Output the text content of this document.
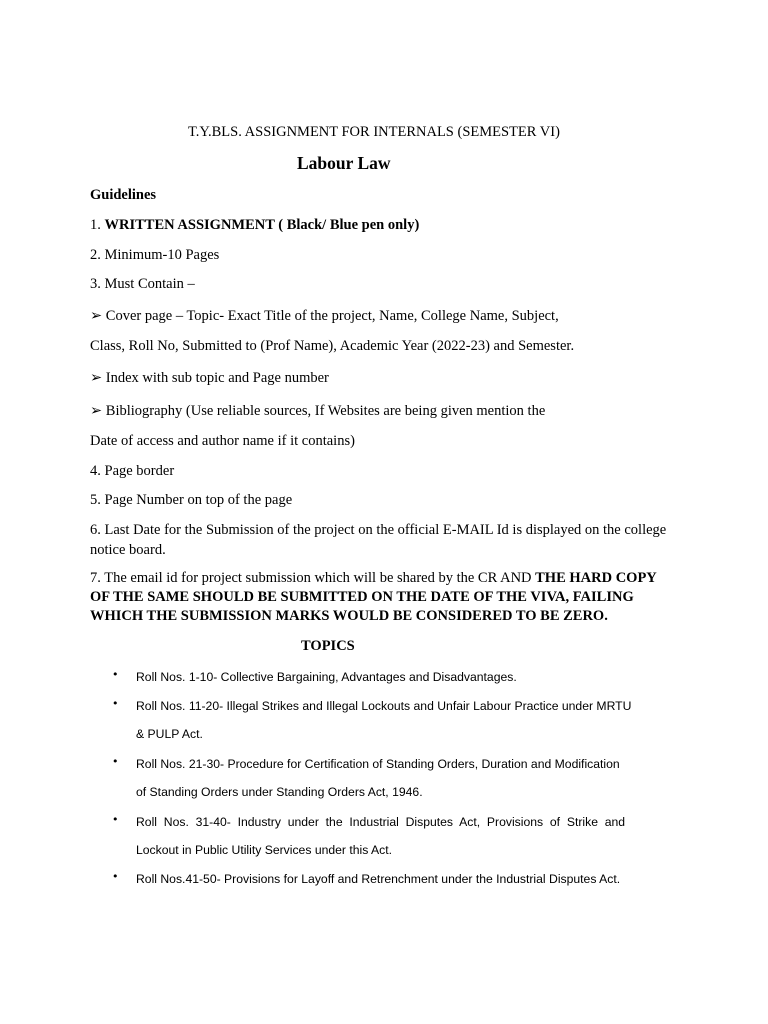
T.Y.BLS. ASSIGNMENT FOR INTERNALS (SEMESTER VI)
Labour Law
Guidelines
1. WRITTEN ASSIGNMENT ( Black/ Blue pen only)
2. Minimum-10 Pages
3. Must Contain –
➢ Cover page – Topic- Exact Title of the project, Name, College Name, Subject,
Class, Roll No, Submitted to (Prof Name), Academic Year (2022-23) and Semester.
➢ Index with sub topic and Page number
➢ Bibliography (Use reliable sources, If Websites are being given mention the
Date of access and author name if it contains)
4. Page border
5. Page Number on top of the page
6. Last Date for the Submission of the project on the official E-MAIL Id is displayed on the college
notice board.
7. The email id for project submission which will be shared by the CR AND THE HARD COPY
OF THE SAME SHOULD BE SUBMITTED ON THE DATE OF THE VIVA, FAILING
WHICH THE SUBMISSION MARKS WOULD BE CONSIDERED TO BE ZERO.
TOPICS
• Roll Nos. 1-10- Collective Bargaining, Advantages and Disadvantages.
• Roll Nos. 11-20- Illegal Strikes and Illegal Lockouts and Unfair Labour Practice under MRTU
& PULP Act.
• Roll Nos. 21-30- Procedure for Certification of Standing Orders, Duration and Modification
of Standing Orders under Standing Orders Act, 1946.
• Roll  Nos.  31-40-  Industry  under  the  Industrial  Disputes  Act,  Provisions  of  Strike  and
Lockout in Public Utility Services under this Act.
• Roll Nos.41-50- Provisions for Layoff and Retrenchment under the Industrial Disputes Act.
